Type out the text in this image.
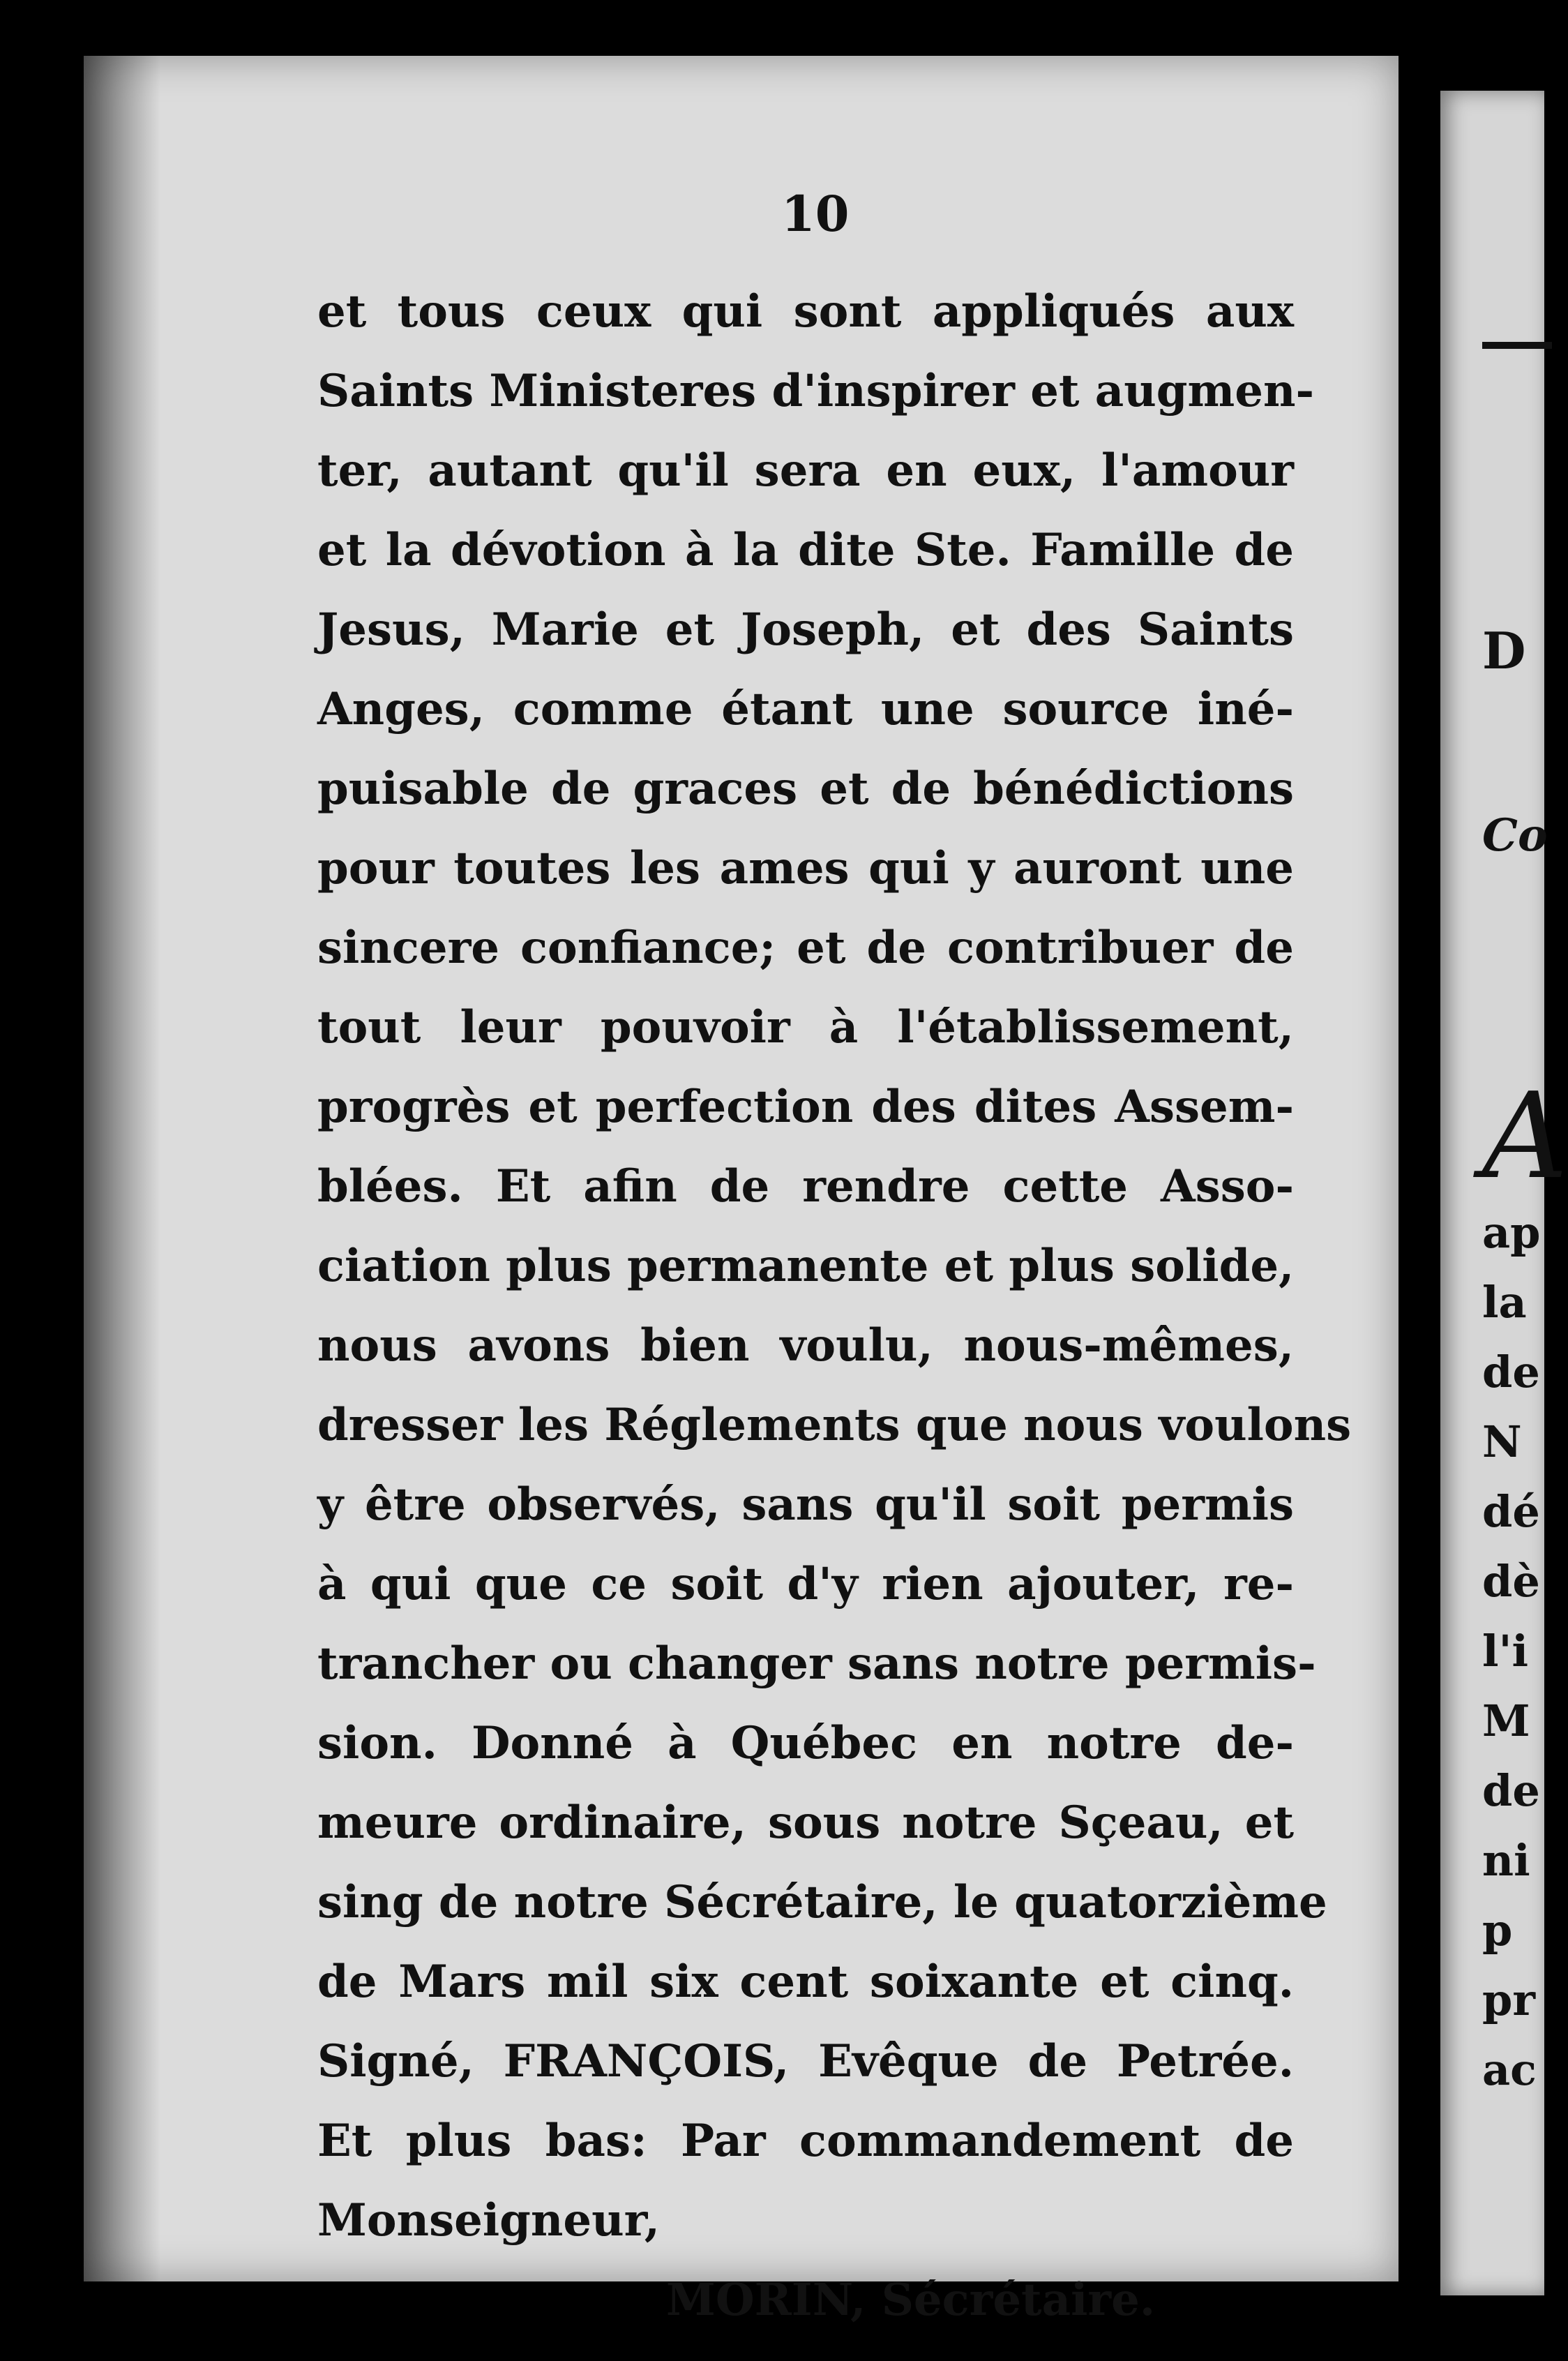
10
et tous ceux qui sont appliqués aux
Saints Ministeres d'inspirer et augmen-
ter, autant qu'il sera en eux, l'amour
et la dévotion à la dite Ste. Famille de
Jesus, Marie et Joseph, et des Saints
Anges, comme étant une source iné-
puisable de graces et de bénédictions
pour toutes les ames qui y auront une
sincere confiance; et de contribuer de
tout leur pouvoir à l'établissement,
progrès et perfection des dites Assem-
blées. Et afin de rendre cette Asso-
ciation plus permanente et plus solide,
nous avons bien voulu, nous-mêmes,
dresser les Réglements que nous voulons
y être observés, sans qu'il soit permis
à qui que ce soit d'y rien ajouter, re-
trancher ou changer sans notre permis-
sion. Donné à Québec en notre de-
meure ordinaire, sous notre Sçeau, et
sing de notre Sécrétaire, le quatorzième
de Mars mil six cent soixante et cinq.
Signé, FRANÇOIS, Evêque de Petrée.
Et plus bas: Par commandement de
Monseigneur,
MORIN, Sécrétaire.
D
Co
A
ap
la
de
N
dé
dè
l'i
M
de
ni
p
pr
ac
